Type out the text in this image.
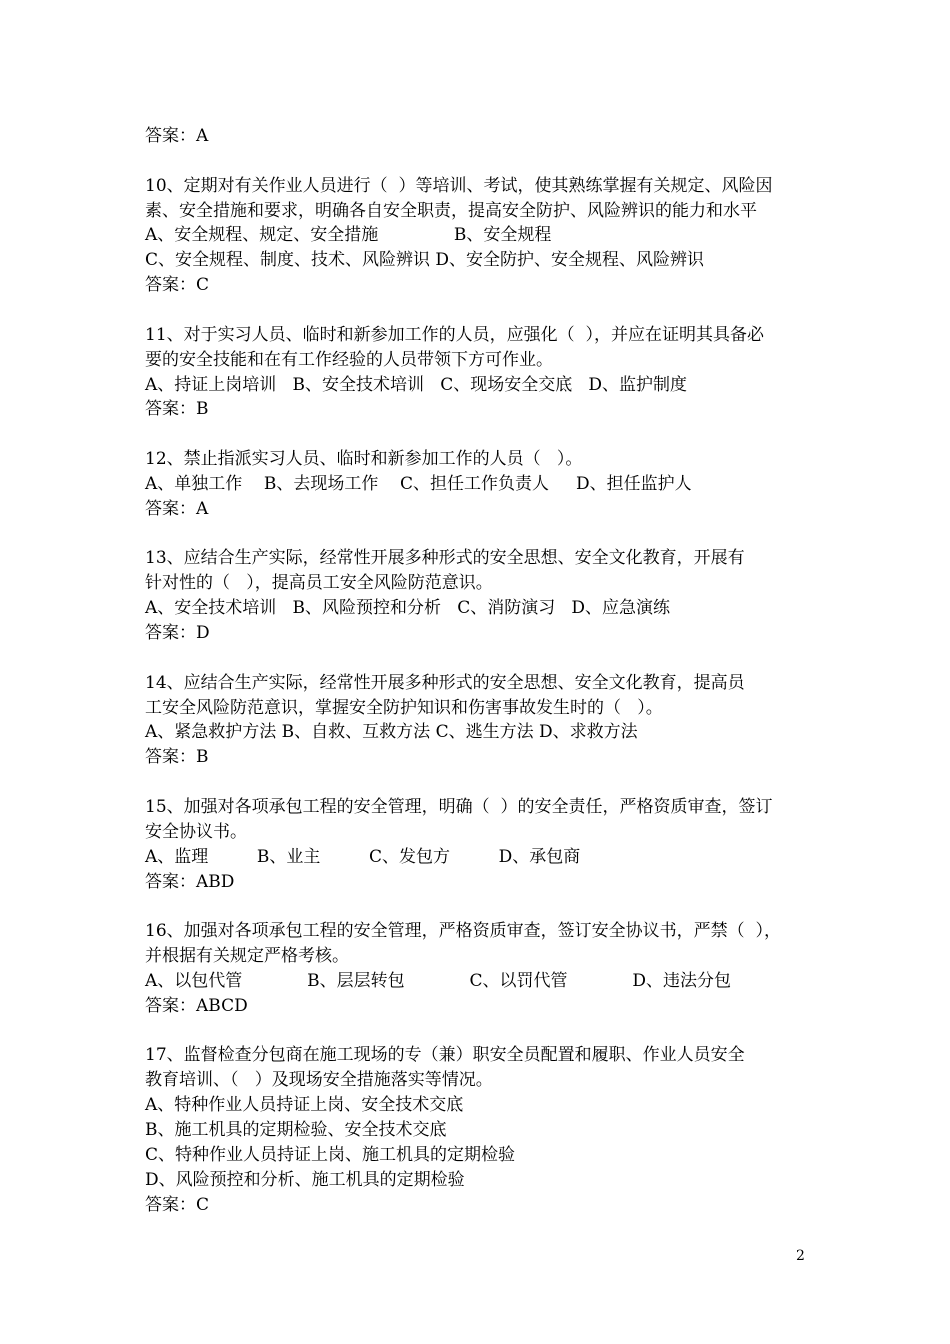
答案：A
10、定期对有关作业人员进行（  ）等培训、考试，使其熟练掌握有关规定、风险因
素、安全措施和要求，明确各自安全职责，提高安全防护、风险辨识的能力和水平
A、安全规程、规定、安全措施              B、安全规程
C、安全规程、制度、技术、风险辨识 D、安全防护、安全规程、风险辨识
答案：C
11、对于实习人员、临时和新参加工作的人员，应强化（  ），并应在证明其具备必
要的安全技能和在有工作经验的人员带领下方可作业。
A、持证上岗培训   B、安全技术培训   C、现场安全交底   D、监护制度
答案：B
12、禁止指派实习人员、临时和新参加工作的人员（   ）。
A、单独工作    B、去现场工作    C、担任工作负责人     D、担任监护人
答案：A
13、应结合生产实际，经常性开展多种形式的安全思想、安全文化教育，开展有
针对性的（   ），提高员工安全风险防范意识。
A、安全技术培训   B、风险预控和分析   C、消防演习   D、应急演练
答案：D
14、应结合生产实际，经常性开展多种形式的安全思想、安全文化教育，提高员
工安全风险防范意识，掌握安全防护知识和伤害事故发生时的（   ）。
A、紧急救护方法 B、自救、互救方法 C、逃生方法 D、求救方法
答案：B
15、加强对各项承包工程的安全管理，明确（  ）的安全责任，严格资质审查，签订
安全协议书。
A、监理         B、业主         C、发包方         D、承包商
答案：ABD
16、加强对各项承包工程的安全管理，严格资质审查，签订安全协议书，严禁（  ），
并根据有关规定严格考核。
A、以包代管            B、层层转包            C、以罚代管            D、违法分包
答案：ABCD
17、监督检查分包商在施工现场的专（兼）职安全员配置和履职、作业人员安全
教育培训、（   ）及现场安全措施落实等情况。
A、特种作业人员持证上岗、安全技术交底
B、施工机具的定期检验、安全技术交底
C、特种作业人员持证上岗、施工机具的定期检验
D、风险预控和分析、施工机具的定期检验
答案：C
2
